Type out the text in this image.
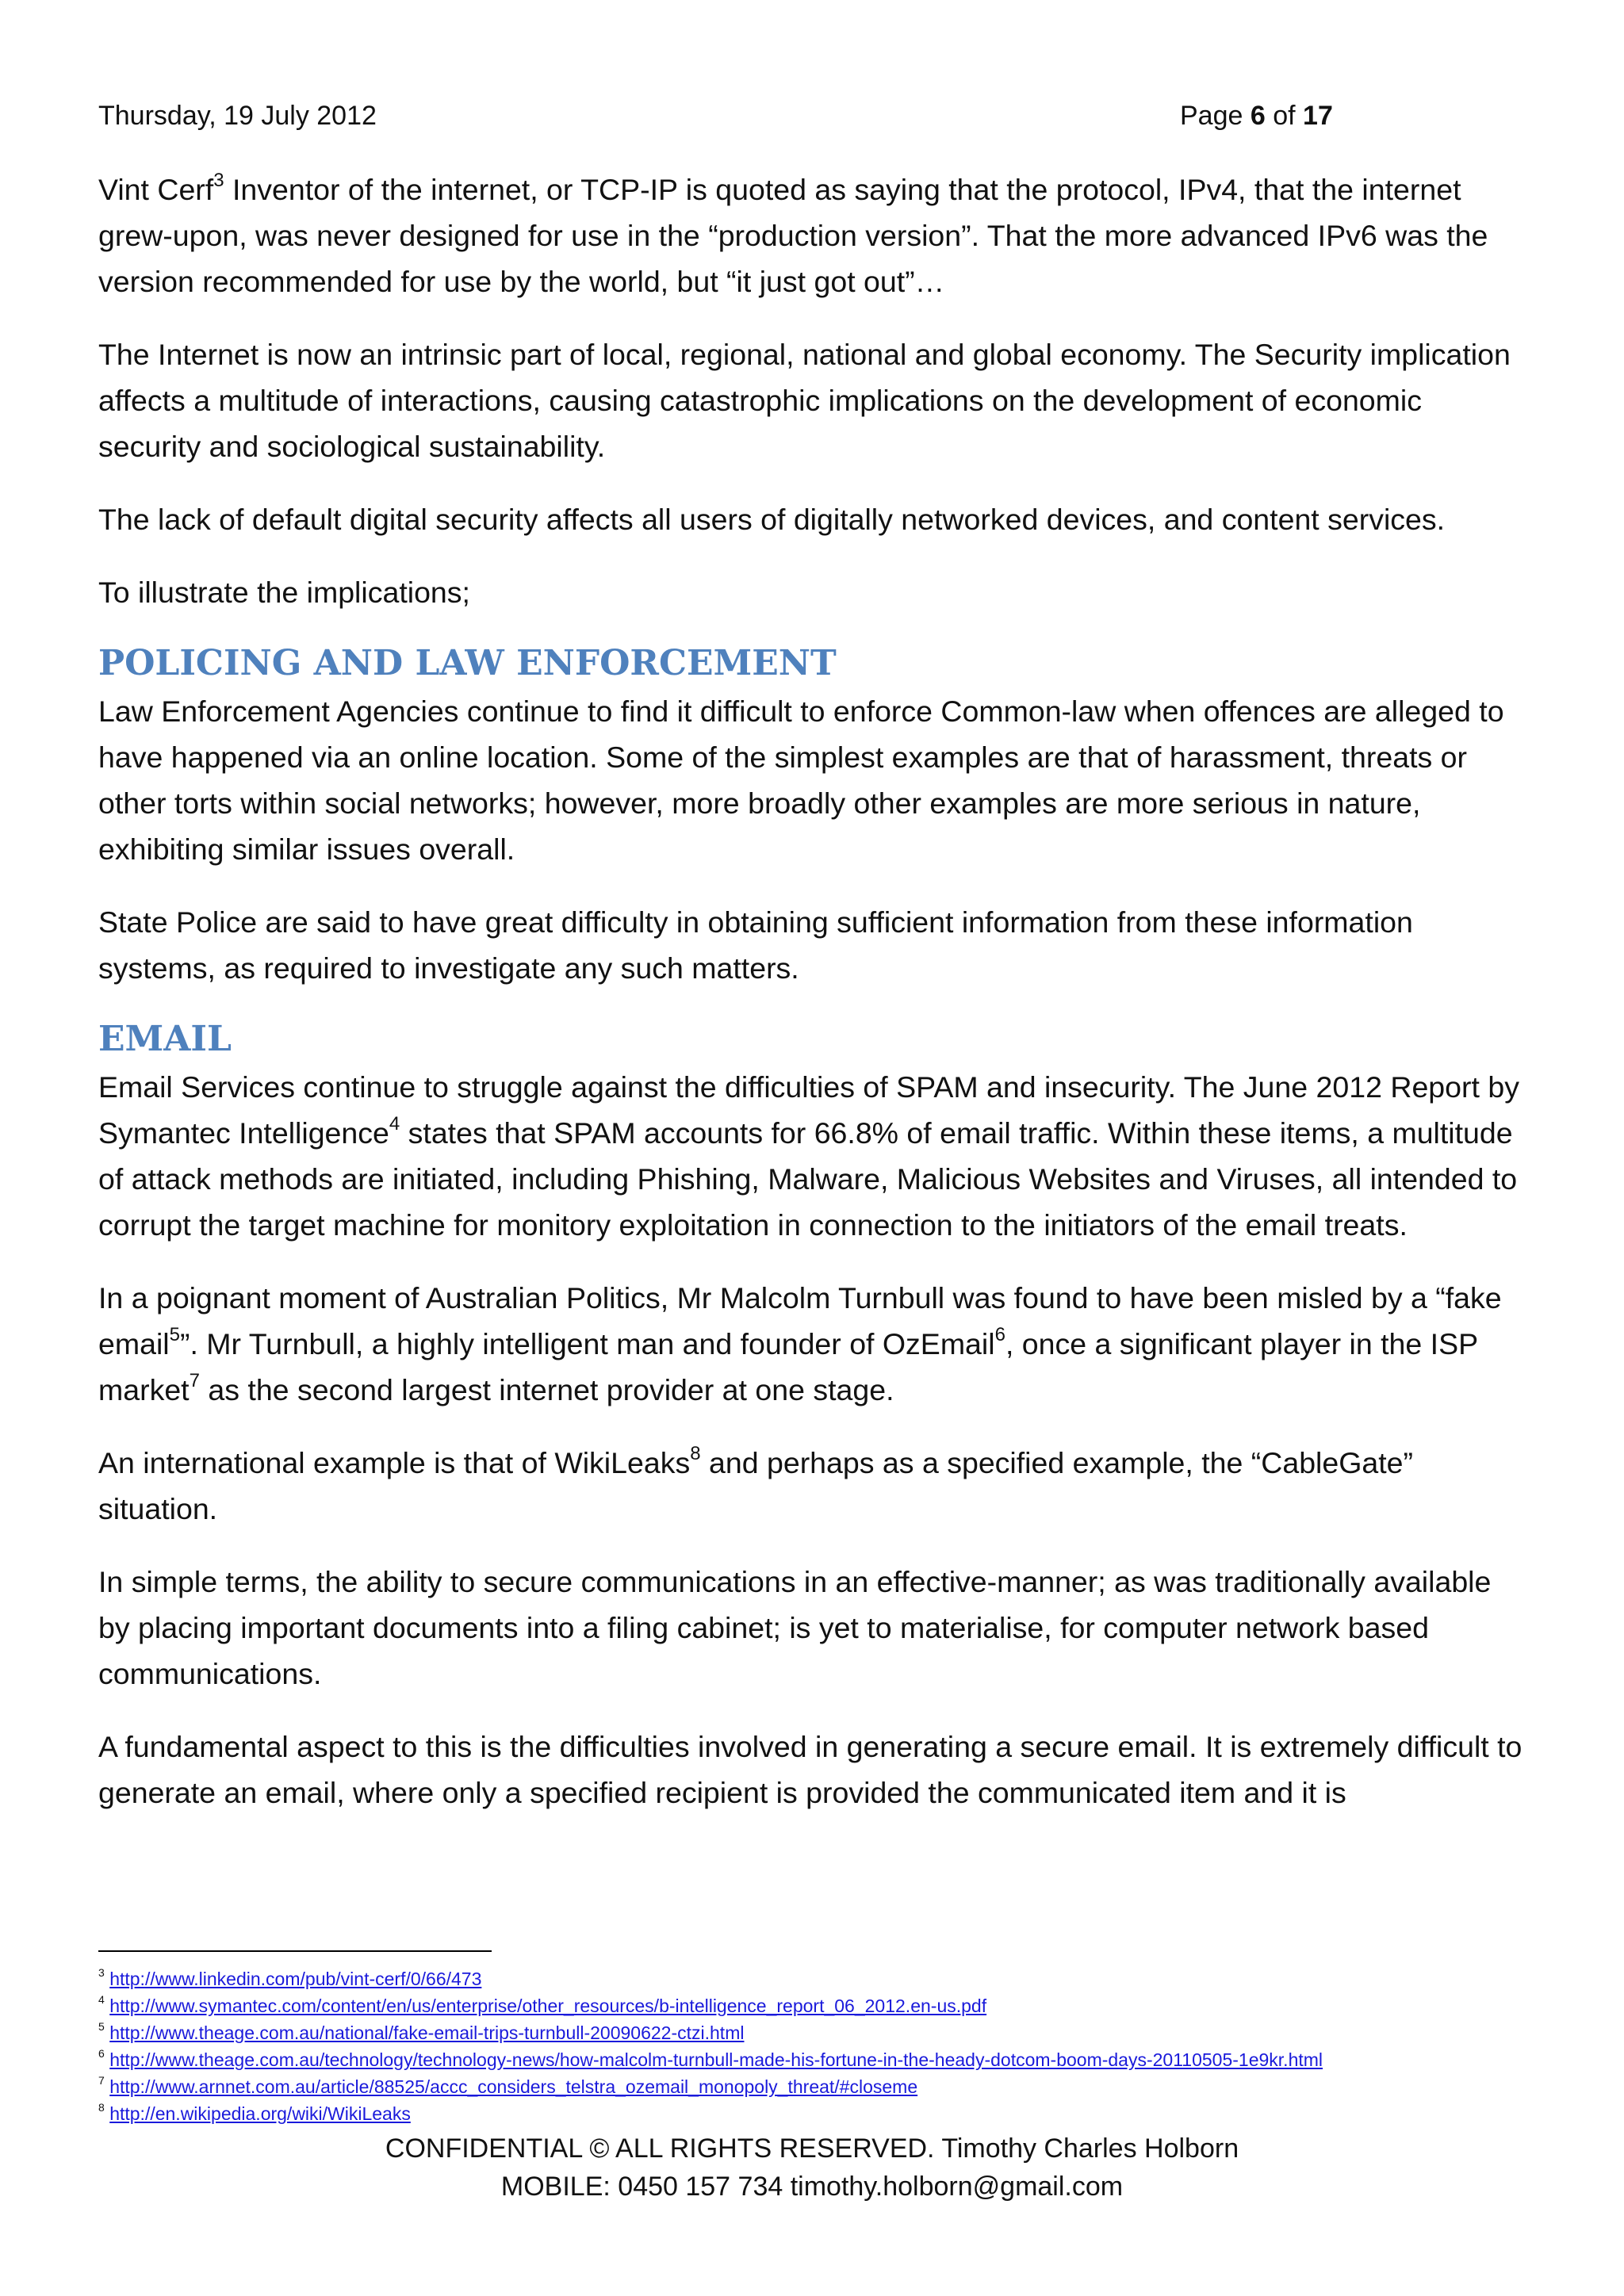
Thursday, 19 July 2012	Page 6 of 17

Vint Cerf$^3$ Inventor of the internet, or TCP-IP is quoted as saying that the protocol, IPv4, that the internet grew-upon, was never designed for use in the “production version”. That the more advanced IPv6 was the version recommended for use by the world, but “it just got out”…

The Internet is now an intrinsic part of local, regional, national and global economy. The Security implication affects a multitude of interactions, causing catastrophic implications on the development of economic security and sociological sustainability.

The lack of default digital security affects all users of digitally networked devices, and content services.

To illustrate the implications;

POLICING AND LAW ENFORCEMENT

Law Enforcement Agencies continue to find it difficult to enforce Common-law when offences are alleged to have happened via an online location. Some of the simplest examples are that of harassment, threats or other torts within social networks; however, more broadly other examples are more serious in nature, exhibiting similar issues overall.

State Police are said to have great difficulty in obtaining sufficient information from these information systems, as required to investigate any such matters.

EMAIL

Email Services continue to struggle against the difficulties of SPAM and insecurity. The June 2012 Report by Symantec Intelligence$^4$ states that SPAM accounts for 66.8% of email traffic. Within these items, a multitude of attack methods are initiated, including Phishing, Malware, Malicious Websites and Viruses, all intended to corrupt the target machine for monitory exploitation in connection to the initiators of the email treats.

In a poignant moment of Australian Politics, Mr Malcolm Turnbull was found to have been misled by a “fake email$^5$”. Mr Turnbull, a highly intelligent man and founder of OzEmail$^6$, once a significant player in the ISP market$^7$ as the second largest internet provider at one stage.

An international example is that of WikiLeaks$^8$ and perhaps as a specified example, the “CableGate” situation.

In simple terms, the ability to secure communications in an effective-manner; as was traditionally available by placing important documents into a filing cabinet; is yet to materialise, for computer network based communications.

A fundamental aspect to this is the difficulties involved in generating a secure email. It is extremely difficult to generate an email, where only a specified recipient is provided the communicated item and it is

$^3$ http://www.linkedin.com/pub/vint-cerf/0/66/473
$^4$ http://www.symantec.com/content/en/us/enterprise/other_resources/b-intelligence_report_06_2012.en-us.pdf
$^5$ http://www.theage.com.au/national/fake-email-trips-turnbull-20090622-ctzi.html
$^6$ http://www.theage.com.au/technology/technology-news/how-malcolm-turnbull-made-his-fortune-in-the-heady-dotcom-boom-days-20110505-1e9kr.html
$^7$ http://www.arnnet.com.au/article/88525/accc_considers_telstra_ozemail_monopoly_threat/#closeme
$^8$ http://en.wikipedia.org/wiki/WikiLeaks
CONFIDENTIAL © ALL RIGHTS RESERVED. Timothy Charles Holborn
MOBILE: 0450 157 734 timothy.holborn@gmail.com
